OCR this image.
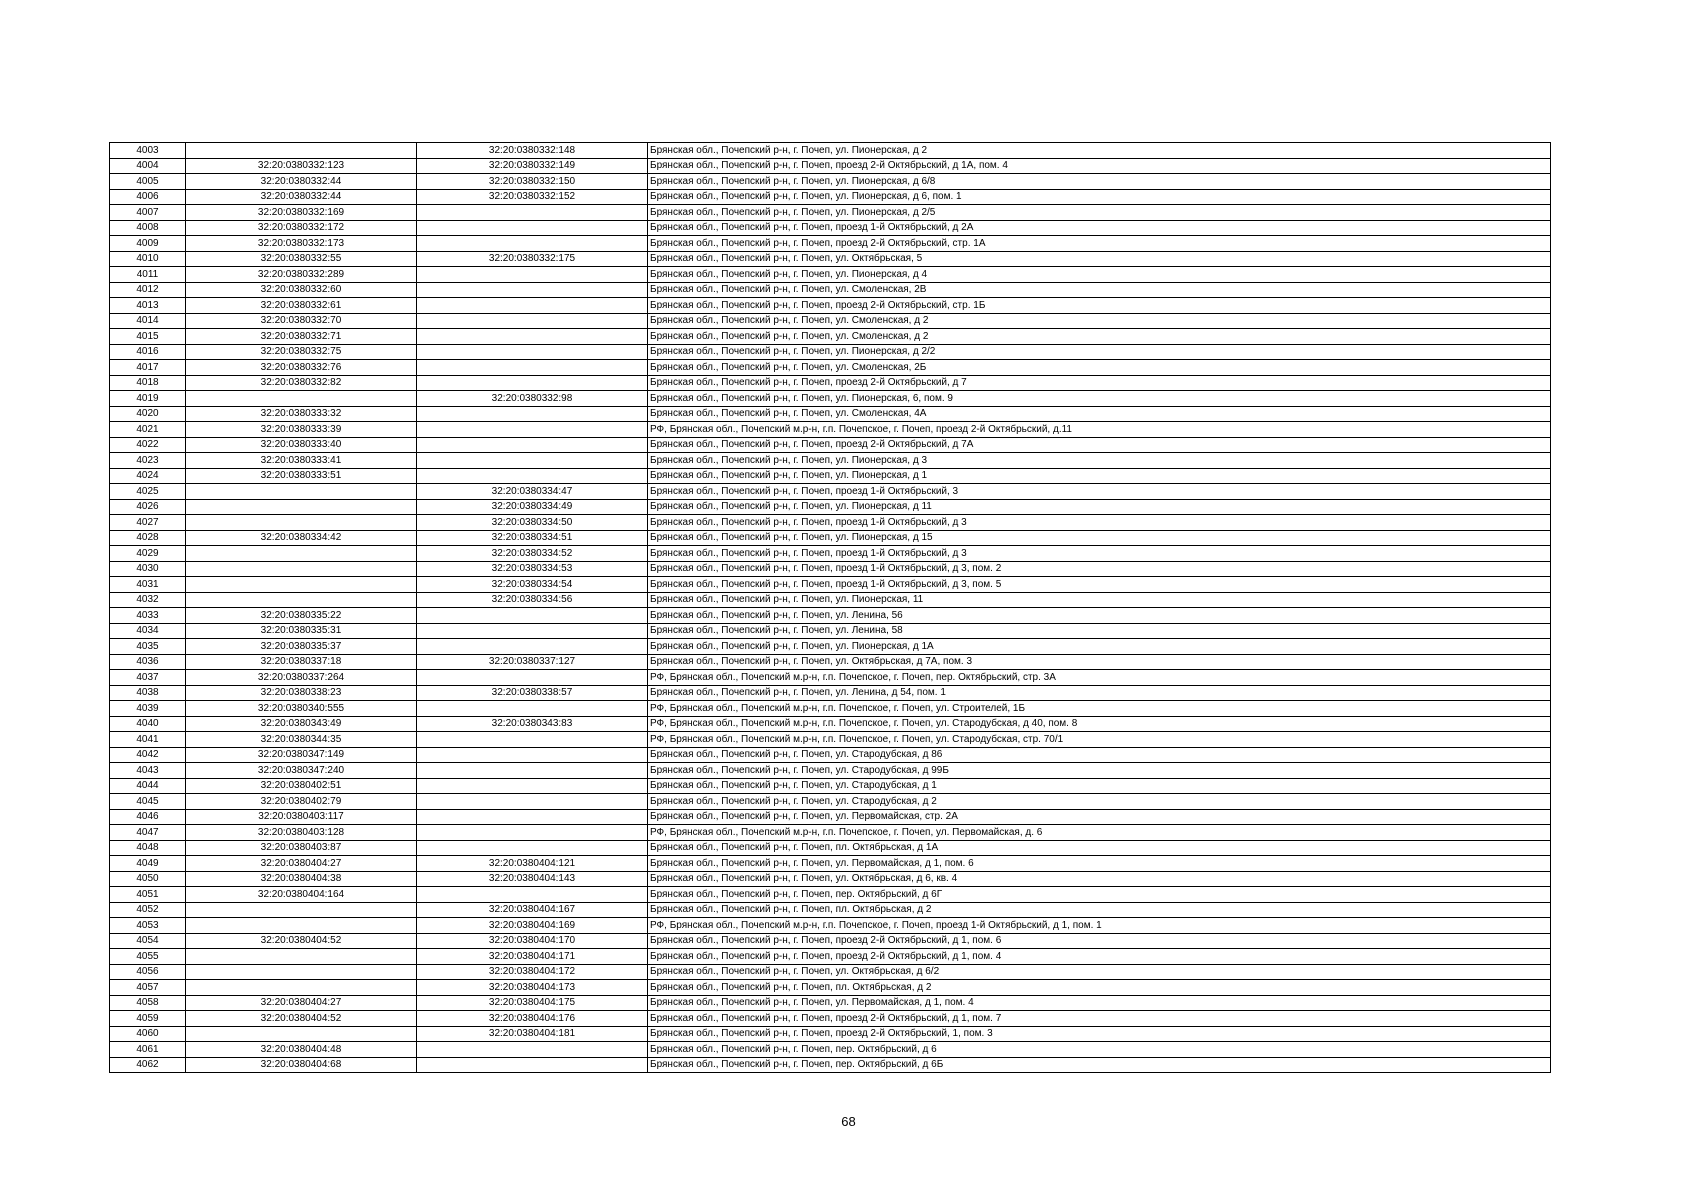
4003		32:20:0380332:148	Брянская обл., Почепский р-н, г. Почеп, ул. Пионерская, д 2
4004	32:20:0380332:123	32:20:0380332:149	Брянская обл., Почепский р-н, г. Почеп, проезд 2-й Октябрьский, д 1А, пом. 4
4005	32:20:0380332:44	32:20:0380332:150	Брянская обл., Почепский р-н, г. Почеп, ул. Пионерская, д 6/8
4006	32:20:0380332:44	32:20:0380332:152	Брянская обл., Почепский р-н, г. Почеп, ул. Пионерская, д 6, пом. 1
4007	32:20:0380332:169		Брянская обл., Почепский р-н, г. Почеп, ул. Пионерская, д 2/5
4008	32:20:0380332:172		Брянская обл., Почепский р-н, г. Почеп, проезд 1-й Октябрьский, д 2А
4009	32:20:0380332:173		Брянская обл., Почепский р-н, г. Почеп, проезд 2-й Октябрьский, стр. 1А
4010	32:20:0380332:55	32:20:0380332:175	Брянская обл., Почепский р-н, г. Почеп, ул. Октябрьская, 5
4011	32:20:0380332:289		Брянская обл., Почепский р-н, г. Почеп, ул. Пионерская, д 4
4012	32:20:0380332:60		Брянская обл., Почепский р-н, г. Почеп, ул. Смоленская, 2В
4013	32:20:0380332:61		Брянская обл., Почепский р-н, г. Почеп, проезд 2-й Октябрьский, стр. 1Б
4014	32:20:0380332:70		Брянская обл., Почепский р-н, г. Почеп, ул. Смоленская, д 2
4015	32:20:0380332:71		Брянская обл., Почепский р-н, г. Почеп, ул. Смоленская, д 2
4016	32:20:0380332:75		Брянская обл., Почепский р-н, г. Почеп, ул. Пионерская, д 2/2
4017	32:20:0380332:76		Брянская обл., Почепский р-н, г. Почеп, ул. Смоленская, 2Б
4018	32:20:0380332:82		Брянская обл., Почепский р-н, г. Почеп, проезд 2-й Октябрьский, д 7
4019		32:20:0380332:98	Брянская обл., Почепский р-н, г. Почеп, ул. Пионерская, 6, пом. 9
4020	32:20:0380333:32		Брянская обл., Почепский р-н, г. Почеп, ул. Смоленская, 4А
4021	32:20:0380333:39		РФ, Брянская обл., Почепский м.р-н, г.п. Почепское, г. Почеп, проезд 2-й Октябрьский, д.11
4022	32:20:0380333:40		Брянская обл., Почепский р-н, г. Почеп, проезд 2-й Октябрьский, д 7А
4023	32:20:0380333:41		Брянская обл., Почепский р-н, г. Почеп, ул. Пионерская, д 3
4024	32:20:0380333:51		Брянская обл., Почепский р-н, г. Почеп, ул. Пионерская, д 1
4025		32:20:0380334:47	Брянская обл., Почепский р-н, г. Почеп, проезд 1-й Октябрьский, 3
4026		32:20:0380334:49	Брянская обл., Почепский р-н, г. Почеп, ул. Пионерская, д 11
4027		32:20:0380334:50	Брянская обл., Почепский р-н, г. Почеп, проезд 1-й Октябрьский, д 3
4028	32:20:0380334:42	32:20:0380334:51	Брянская обл., Почепский р-н, г. Почеп, ул. Пионерская, д 15
4029		32:20:0380334:52	Брянская обл., Почепский р-н, г. Почеп, проезд 1-й Октябрьский, д 3
4030		32:20:0380334:53	Брянская обл., Почепский р-н, г. Почеп, проезд 1-й Октябрьский, д 3, пом. 2
4031		32:20:0380334:54	Брянская обл., Почепский р-н, г. Почеп, проезд 1-й Октябрьский, д 3, пом. 5
4032		32:20:0380334:56	Брянская обл., Почепский р-н, г. Почеп, ул. Пионерская, 11
4033	32:20:0380335:22		Брянская обл., Почепский р-н, г. Почеп, ул. Ленина, 56
4034	32:20:0380335:31		Брянская обл., Почепский р-н, г. Почеп, ул. Ленина, 58
4035	32:20:0380335:37		Брянская обл., Почепский р-н, г. Почеп, ул. Пионерская, д 1А
4036	32:20:0380337:18	32:20:0380337:127	Брянская обл., Почепский р-н, г. Почеп, ул. Октябрьская, д 7А, пом. 3
4037	32:20:0380337:264		РФ, Брянская обл., Почепский м.р-н, г.п. Почепское, г. Почеп, пер. Октябрьский, стр. 3А
4038	32:20:0380338:23	32:20:0380338:57	Брянская обл., Почепский р-н, г. Почеп, ул. Ленина, д 54, пом. 1
4039	32:20:0380340:555		РФ, Брянская обл., Почепский м.р-н, г.п. Почепское, г. Почеп, ул. Строителей, 1Б
4040	32:20:0380343:49	32:20:0380343:83	РФ, Брянская обл., Почепский м.р-н, г.п. Почепское, г. Почеп, ул. Стародубская, д 40, пом. 8
4041	32:20:0380344:35		РФ, Брянская обл., Почепский м.р-н, г.п. Почепское, г. Почеп, ул. Стародубская, стр. 70/1
4042	32:20:0380347:149		Брянская обл., Почепский р-н, г. Почеп, ул. Стародубская, д 86
4043	32:20:0380347:240		Брянская обл., Почепский р-н, г. Почеп, ул. Стародубская, д 99Б
4044	32:20:0380402:51		Брянская обл., Почепский р-н, г. Почеп, ул. Стародубская, д 1
4045	32:20:0380402:79		Брянская обл., Почепский р-н, г. Почеп, ул. Стародубская, д 2
4046	32:20:0380403:117		Брянская обл., Почепский р-н, г. Почеп, ул. Первомайская, стр. 2А
4047	32:20:0380403:128		РФ, Брянская обл., Почепский м.р-н, г.п. Почепское, г. Почеп, ул. Первомайская, д. 6
4048	32:20:0380403:87		Брянская обл., Почепский р-н, г. Почеп, пл. Октябрьская, д 1А
4049	32:20:0380404:27	32:20:0380404:121	Брянская обл., Почепский р-н, г. Почеп, ул. Первомайская, д 1, пом. 6
4050	32:20:0380404:38	32:20:0380404:143	Брянская обл., Почепский р-н, г. Почеп, ул. Октябрьская, д 6, кв. 4
4051	32:20:0380404:164		Брянская обл., Почепский р-н, г. Почеп, пер. Октябрьский, д 6Г
4052		32:20:0380404:167	Брянская обл., Почепский р-н, г. Почеп, пл. Октябрьская, д 2
4053		32:20:0380404:169	РФ, Брянская обл., Почепский м.р-н, г.п. Почепское, г. Почеп, проезд 1-й Октябрьский, д 1, пом. 1
4054	32:20:0380404:52	32:20:0380404:170	Брянская обл., Почепский р-н, г. Почеп, проезд 2-й Октябрьский, д 1, пом. 6
4055		32:20:0380404:171	Брянская обл., Почепский р-н, г. Почеп, проезд 2-й Октябрьский, д 1, пом. 4
4056		32:20:0380404:172	Брянская обл., Почепский р-н, г. Почеп, ул. Октябрьская, д 6/2
4057		32:20:0380404:173	Брянская обл., Почепский р-н, г. Почеп, пл. Октябрьская, д 2
4058	32:20:0380404:27	32:20:0380404:175	Брянская обл., Почепский р-н, г. Почеп, ул. Первомайская, д 1, пом. 4
4059	32:20:0380404:52	32:20:0380404:176	Брянская обл., Почепский р-н, г. Почеп, проезд 2-й Октябрьский, д 1, пом. 7
4060		32:20:0380404:181	Брянская обл., Почепский р-н, г. Почеп, проезд 2-й Октябрьский, 1, пом. 3
4061	32:20:0380404:48		Брянская обл., Почепский р-н, г. Почеп, пер. Октябрьский, д 6
4062	32:20:0380404:68		Брянская обл., Почепский р-н, г. Почеп, пер. Октябрьский, д 6Б
68
